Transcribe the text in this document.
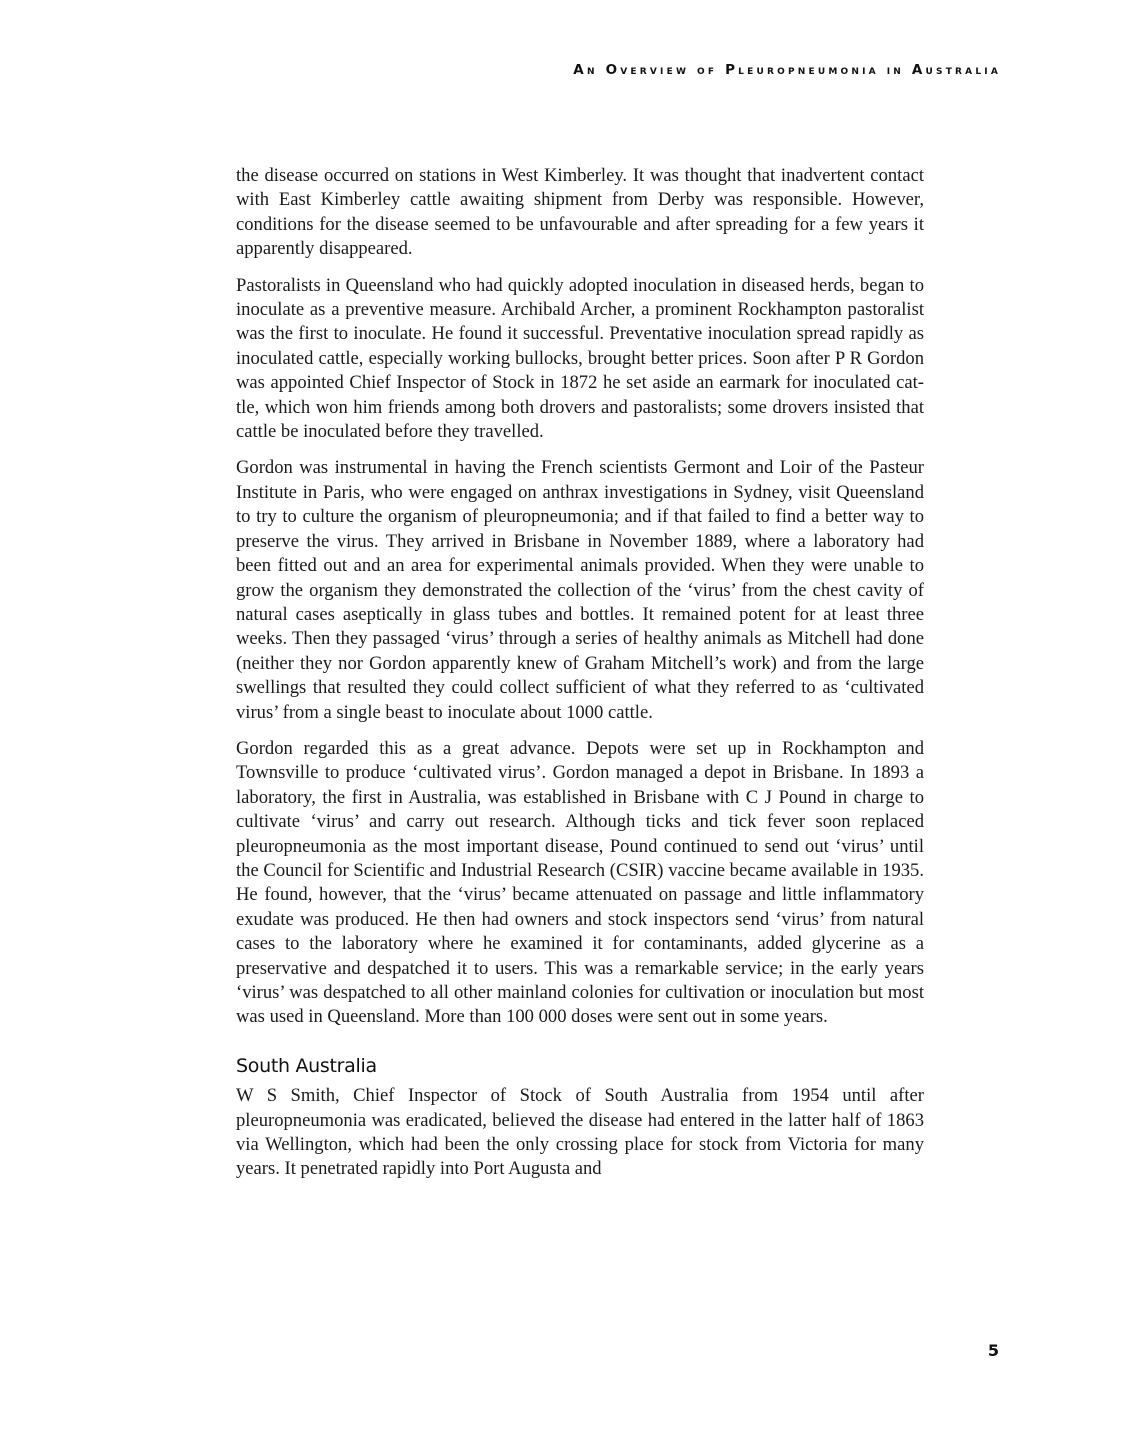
An Overview of Pleuropneumonia in Australia

the disease occurred on stations in West Kimberley. It was thought that inadvertent contact with East Kimberley cattle awaiting shipment from Derby was responsible. However, conditions for the disease seemed to be unfavourable and after spreading for a few years it apparently disappeared.

Pastoralists in Queensland who had quickly adopted inoculation in diseased herds, began to inoculate as a preventive measure. Archibald Archer, a prominent Rockhampton pastoralist was the first to inoculate. He found it successful. Preventative inoculation spread rapidly as inoculated cattle, especially working bullocks, brought better prices. Soon after P R Gordon was appointed Chief Inspector of Stock in 1872 he set aside an earmark for inoculated cattle, which won him friends among both drovers and pastoralists; some drovers insisted that cattle be inoculated before they travelled.

Gordon was instrumental in having the French scientists Germont and Loir of the Pasteur Institute in Paris, who were engaged on anthrax investigations in Sydney, visit Queensland to try to culture the organism of pleuropneumonia; and if that failed to find a better way to preserve the virus. They arrived in Brisbane in November 1889, where a laboratory had been fitted out and an area for experimental animals provided. When they were unable to grow the organism they demonstrated the collection of the ‘virus’ from the chest cavity of natural cases aseptically in glass tubes and bottles. It remained potent for at least three weeks. Then they passaged ‘virus’ through a series of healthy animals as Mitchell had done (neither they nor Gordon apparently knew of Graham Mitchell’s work) and from the large swellings that resulted they could collect sufficient of what they referred to as ‘cultivated virus’ from a single beast to inoculate about 1000 cattle.

Gordon regarded this as a great advance. Depots were set up in Rockhampton and Townsville to produce ‘cultivated virus’. Gordon managed a depot in Brisbane. In 1893 a laboratory, the first in Australia, was established in Brisbane with C J Pound in charge to cultivate ‘virus’ and carry out research. Although ticks and tick fever soon replaced pleuropneumonia as the most important disease, Pound continued to send out ‘virus’ until the Council for Scientific and Industrial Research (CSIR) vaccine became available in 1935. He found, however, that the ‘virus’ became attenuated on passage and little inflammatory exudate was produced. He then had owners and stock inspectors send ‘virus’ from natural cases to the laboratory where he examined it for contaminants, added glycerine as a preservative and despatched it to users. This was a remarkable service; in the early years ‘virus’ was despatched to all other mainland colonies for cultivation or inoculation but most was used in Queensland. More than 100 000 doses were sent out in some years.

South Australia

W S Smith, Chief Inspector of Stock of South Australia from 1954 until after pleuropneumonia was eradicated, believed the disease had entered in the latter half of 1863 via Wellington, which had been the only crossing place for stock from Victoria for many years. It penetrated rapidly into Port Augusta and

5
